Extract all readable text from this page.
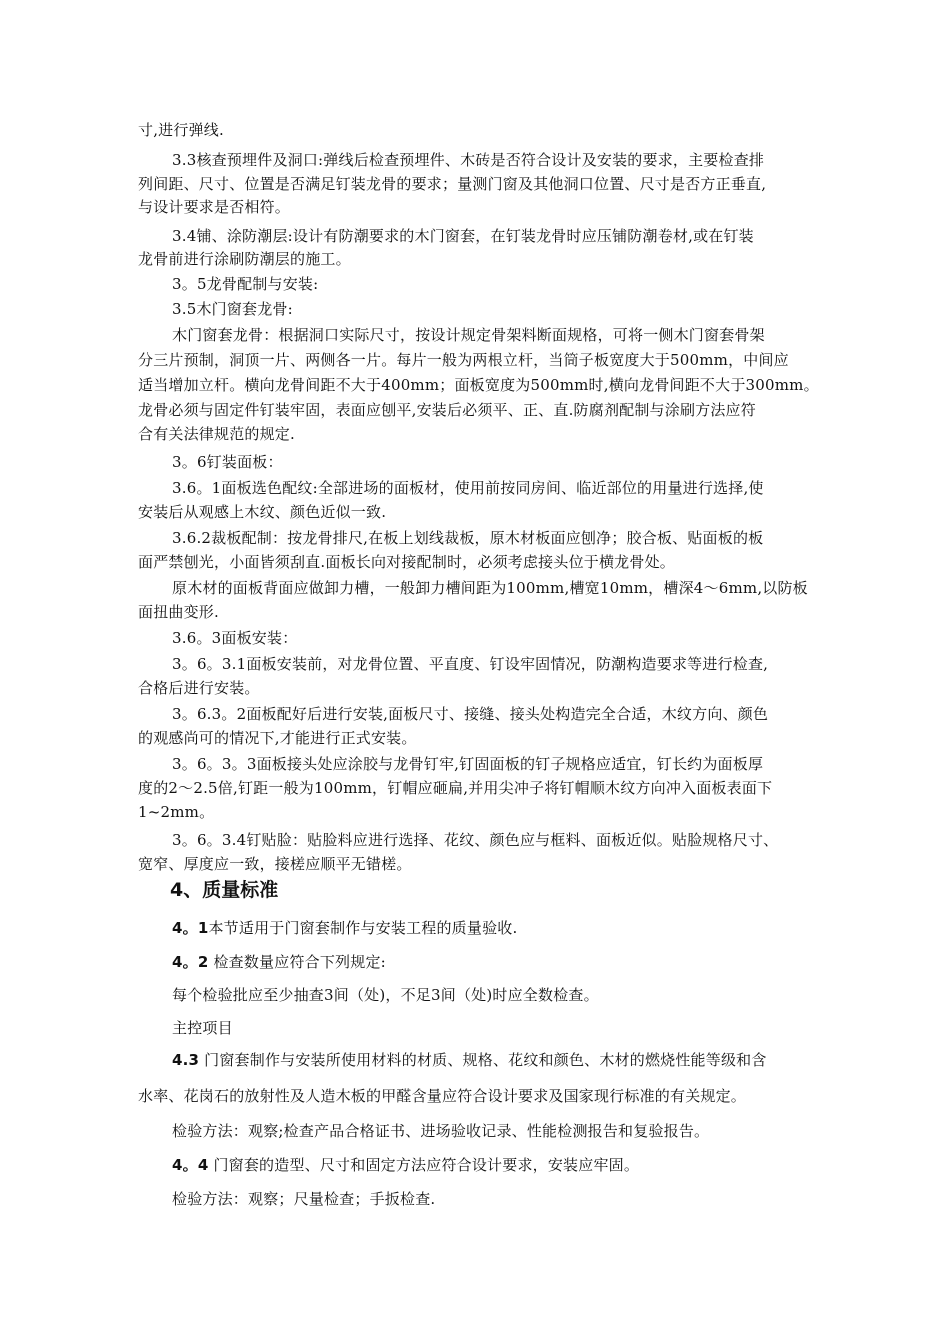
寸,进行弹线.
3.3核查预埋件及洞口:弹线后检查预埋件、木砖是否符合设计及安装的要求，主要检查排
列间距、尺寸、位置是否满足钉装龙骨的要求；量测门窗及其他洞口位置、尺寸是否方正垂直,
与设计要求是否相符。
3.4铺、涂防潮层:设计有防潮要求的木门窗套，在钉装龙骨时应压铺防潮卷材,或在钉装
龙骨前进行涂刷防潮层的施工。
3。5龙骨配制与安装:
3.5木门窗套龙骨:
木门窗套龙骨：根据洞口实际尺寸，按设计规定骨架料断面规格，可将一侧木门窗套骨架
分三片预制，洞顶一片、两侧各一片。每片一般为两根立杆，当筒子板宽度大于500mm，中间应
适当增加立杆。横向龙骨间距不大于400mm；面板宽度为500mm时,横向龙骨间距不大于300mm。
龙骨必须与固定件钉装牢固，表面应刨平,安装后必须平、正、直.防腐剂配制与涂刷方法应符
合有关法律规范的规定.
3。6钉装面板：
3.6。1面板选色配纹:全部进场的面板材，使用前按同房间、临近部位的用量进行选择,使
安装后从观感上木纹、颜色近似一致.
3.6.2裁板配制：按龙骨排尺,在板上划线裁板，原木材板面应刨净；胶合板、贴面板的板
面严禁刨光，小面皆须刮直.面板长向对接配制时，必须考虑接头位于横龙骨处。
原木材的面板背面应做卸力槽，一般卸力槽间距为100mm,槽宽10mm，槽深4～6mm,以防板
面扭曲变形.
3.6。3面板安装：
3。6。3.1面板安装前，对龙骨位置、平直度、钉设牢固情况，防潮构造要求等进行检查,
合格后进行安装。
3。6.3。2面板配好后进行安装,面板尺寸、接缝、接头处构造完全合适，木纹方向、颜色
的观感尚可的情况下,才能进行正式安装。
3。6。3。3面板接头处应涂胶与龙骨钉牢,钉固面板的钉子规格应适宜，钉长约为面板厚
度的2～2.5倍,钉距一般为100mm，钉帽应砸扁,并用尖冲子将钉帽顺木纹方向冲入面板表面下
1~2mm。
3。6。3.4钉贴脸：贴脸料应进行选择、花纹、颜色应与框料、面板近似。贴脸规格尺寸、
宽窄、厚度应一致，接槎应顺平无错槎。
4、质量标准
4。1本节适用于门窗套制作与安装工程的质量验收.
4。2 检查数量应符合下列规定:
每个检验批应至少抽查3间（处)，不足3间（处)时应全数检查。
主控项目
4.3 门窗套制作与安装所使用材料的材质、规格、花纹和颜色、木材的燃烧性能等级和含
水率、花岗石的放射性及人造木板的甲醛含量应符合设计要求及国家现行标准的有关规定。
检验方法：观察;检查产品合格证书、进场验收记录、性能检测报告和复验报告。
4。4 门窗套的造型、尺寸和固定方法应符合设计要求，安装应牢固。
检验方法：观察；尺量检查；手扳检查.
